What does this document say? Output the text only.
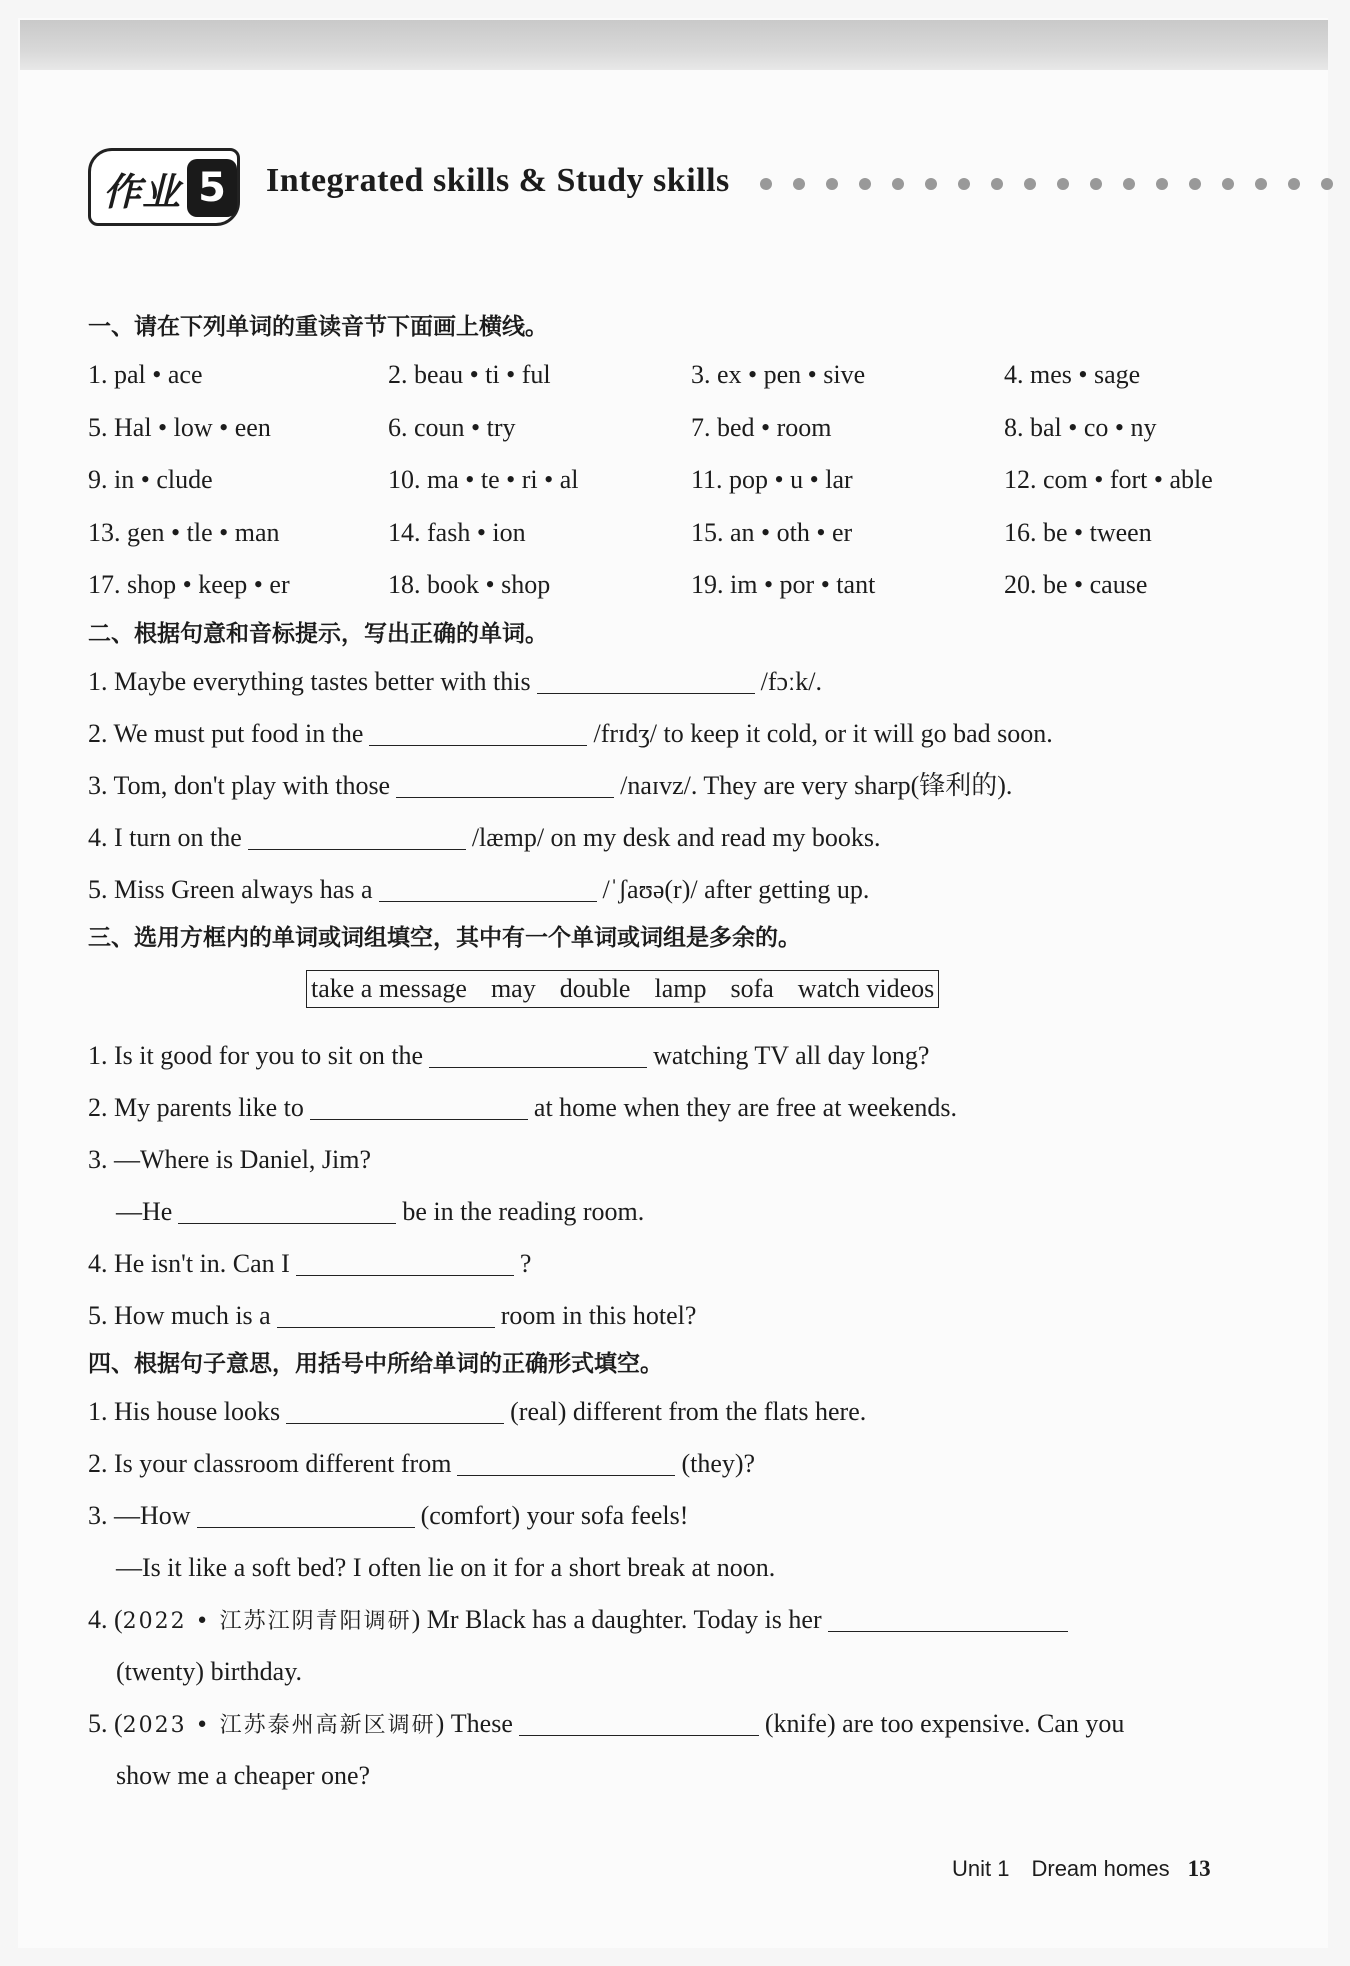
作业 5	Integrated skills & Study skills
一、请在下列单词的重读音节下面画上横线。
1. pal • ace	2. beau • ti • ful	3. ex • pen • sive	4. mes • sage
5. Hal • low • een	6. coun • try	7. bed • room	8. bal • co • ny
9. in • clude	10. ma • te • ri • al	11. pop • u • lar	12. com • fort • able
13. gen • tle • man	14. fash • ion	15. an • oth • er	16. be • tween
17. shop • keep • er	18. book • shop	19. im • por • tant	20. be • cause
二、根据句意和音标提示，写出正确的单词。
1. Maybe everything tastes better with this	/fɔːk/.
2. We must put food in the	/frɪdʒ/ to keep it cold, or it will go bad soon.
3. Tom, don't play with those	/naɪvz/. They are very sharp(锋利的).
4. I turn on the	/læmp/ on my desk and read my books.
5. Miss Green always has a	/ˈʃaʊə(r)/ after getting up.
三、选用方框内的单词或词组填空，其中有一个单词或词组是多余的。
take a message may double lamp sofa watch videos
1. Is it good for you to sit on the	watching TV all day long?
2. My parents like to	at home when they are free at weekends.
3. —Where is Daniel, Jim?
—He	be in the reading room.
4. He isn't in. Can I	?
5. How much is a	room in this hotel?
四、根据句子意思，用括号中所给单词的正确形式填空。
1. His house looks	(real) different from the flats here.
2. Is your classroom different from	(they)?
3. —How	(comfort) your sofa feels!
—Is it like a soft bed? I often lie on it for a short break at noon.
4. (2022 • 江苏江阴青阳调研) Mr Black has a daughter. Today is her
(twenty) birthday.
5. (2023 • 江苏泰州高新区调研) These	(knife) are too expensive. Can you
show me a cheaper one?
Unit 1 Dream homes 13
